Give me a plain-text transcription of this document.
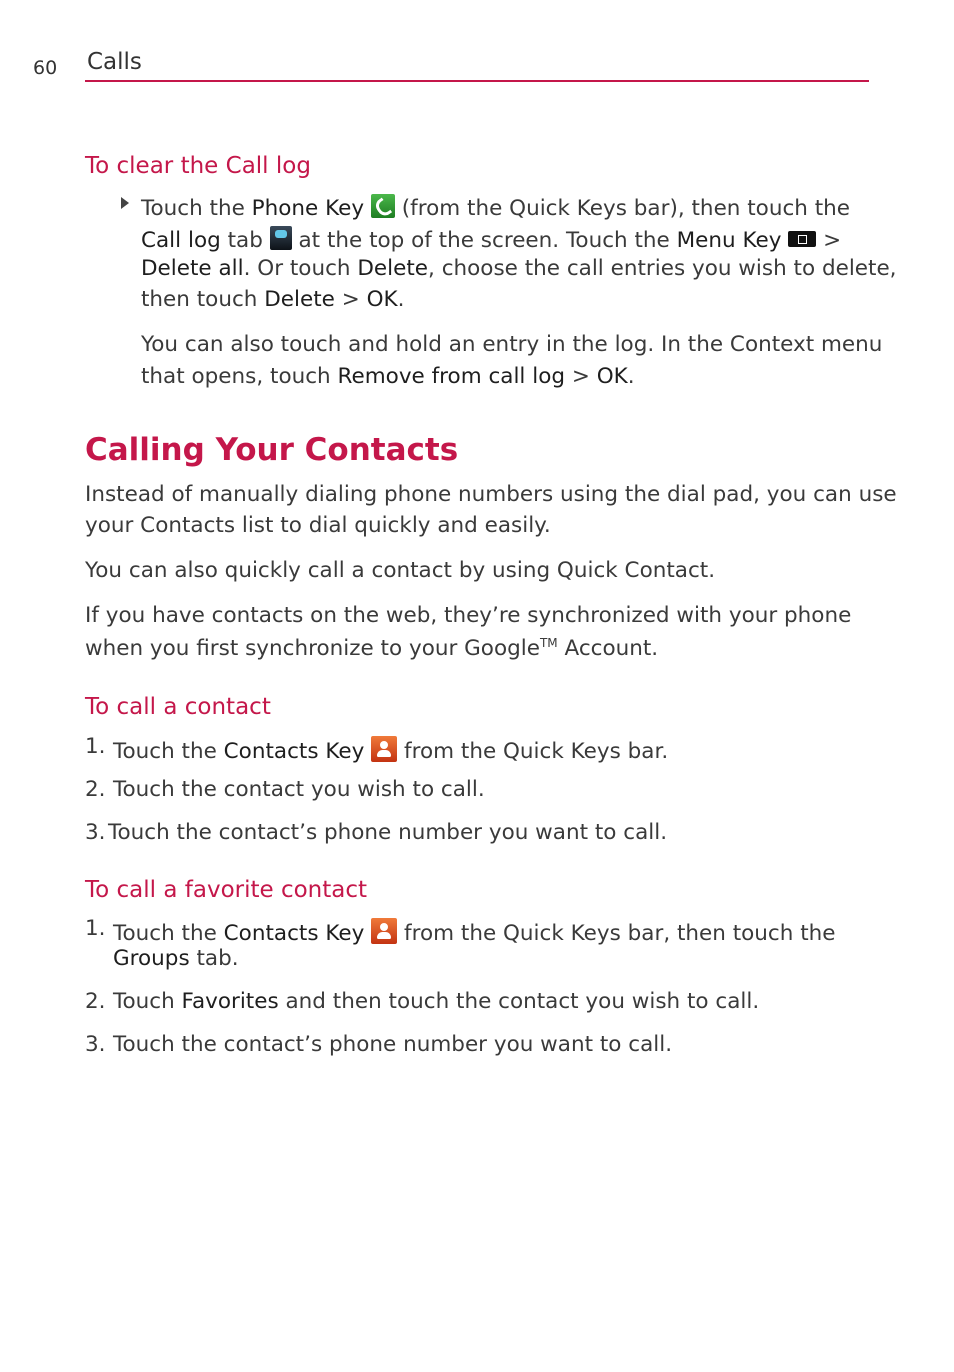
60 Calls
To clear the Call log
Touch the Phone Key  (from the Quick Keys bar), then touch the
Call log tab  at the top of the screen. Touch the Menu Key  >
Delete all. Or touch Delete, choose the call entries you wish to delete,
then touch Delete > OK.
You can also touch and hold an entry in the log. In the Context menu
that opens, touch Remove from call log > OK.
Calling Your Contacts
Instead of manually dialing phone numbers using the dial pad, you can use
your Contacts list to dial quickly and easily.
You can also quickly call a contact by using Quick Contact.
If you have contacts on the web, they’re synchronized with your phone
when you first synchronize to your Google™ Account.
To call a contact
1. Touch the Contacts Key  from the Quick Keys bar.
2. Touch the contact you wish to call.
3. Touch the contact’s phone number you want to call.
To call a favorite contact
1. Touch the Contacts Key  from the Quick Keys bar, then touch the
Groups tab.
2. Touch Favorites and then touch the contact you wish to call.
3. Touch the contact’s phone number you want to call.
